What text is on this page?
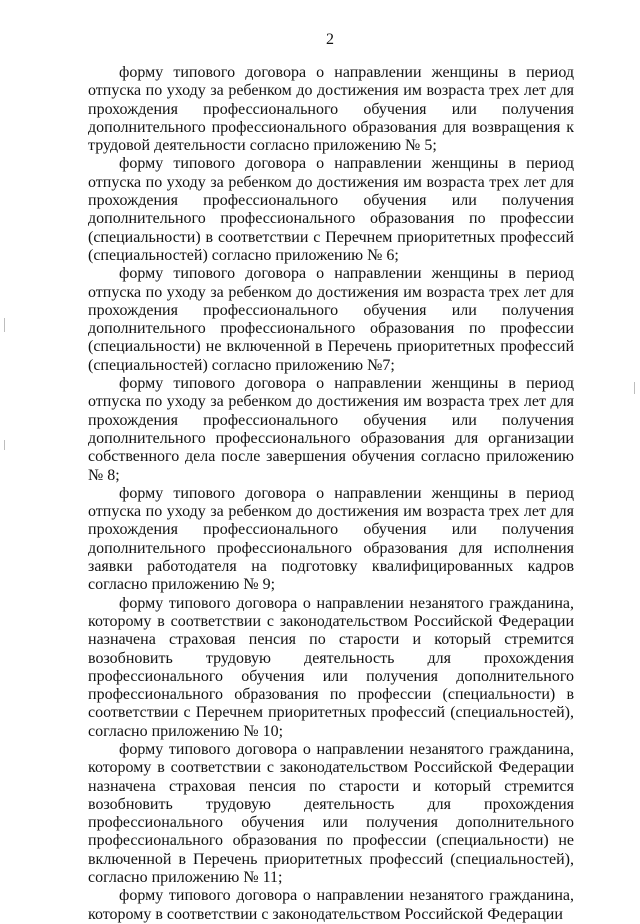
2

форму типового договора о направлении женщины в период отпуска по уходу за ребенком до достижения им возраста трех лет для прохождения профессионального обучения или получения дополнительного профессионального образования для возвращения к трудовой деятельности согласно приложению № 5;

форму типового договора о направлении женщины в период отпуска по уходу за ребенком до достижения им возраста трех лет для прохождения профессионального обучения или получения дополнительного профессионального образования по профессии (специальности) в соответствии с Перечнем приоритетных профессий (специальностей) согласно приложению № 6;

форму типового договора о направлении женщины в период отпуска по уходу за ребенком до достижения им возраста трех лет для прохождения профессионального обучения или получения дополнительного профессионального образования по профессии (специальности) не включенной в Перечень приоритетных профессий (специальностей) согласно приложению №7;

форму типового договора о направлении женщины в период отпуска по уходу за ребенком до достижения им возраста трех лет для прохождения профессионального обучения или получения дополнительного профессионального образования для организации собственного дела после завершения обучения согласно приложению № 8;

форму типового договора о направлении женщины в период отпуска по уходу за ребенком до достижения им возраста трех лет для прохождения профессионального обучения или получения дополнительного профессионального образования для исполнения заявки работодателя на подготовку квалифицированных кадров согласно приложению № 9;

форму типового договора о направлении незанятого гражданина, которому в соответствии с законодательством Российской Федерации назначена страховая пенсия по старости и который стремится возобновить трудовую деятельность для прохождения профессионального обучения или получения дополнительного профессионального образования по профессии (специальности) в соответствии с Перечнем приоритетных профессий (специальностей), согласно приложению № 10;

форму типового договора о направлении незанятого гражданина, которому в соответствии с законодательством Российской Федерации назначена страховая пенсия по старости и который стремится возобновить трудовую деятельность для прохождения профессионального обучения или получения дополнительного профессионального образования по профессии (специальности) не включенной в Перечень приоритетных профессий (специальностей), согласно приложению № 11;

форму типового договора о направлении незанятого гражданина, которому в соответствии с законодательством Российской Федерации
